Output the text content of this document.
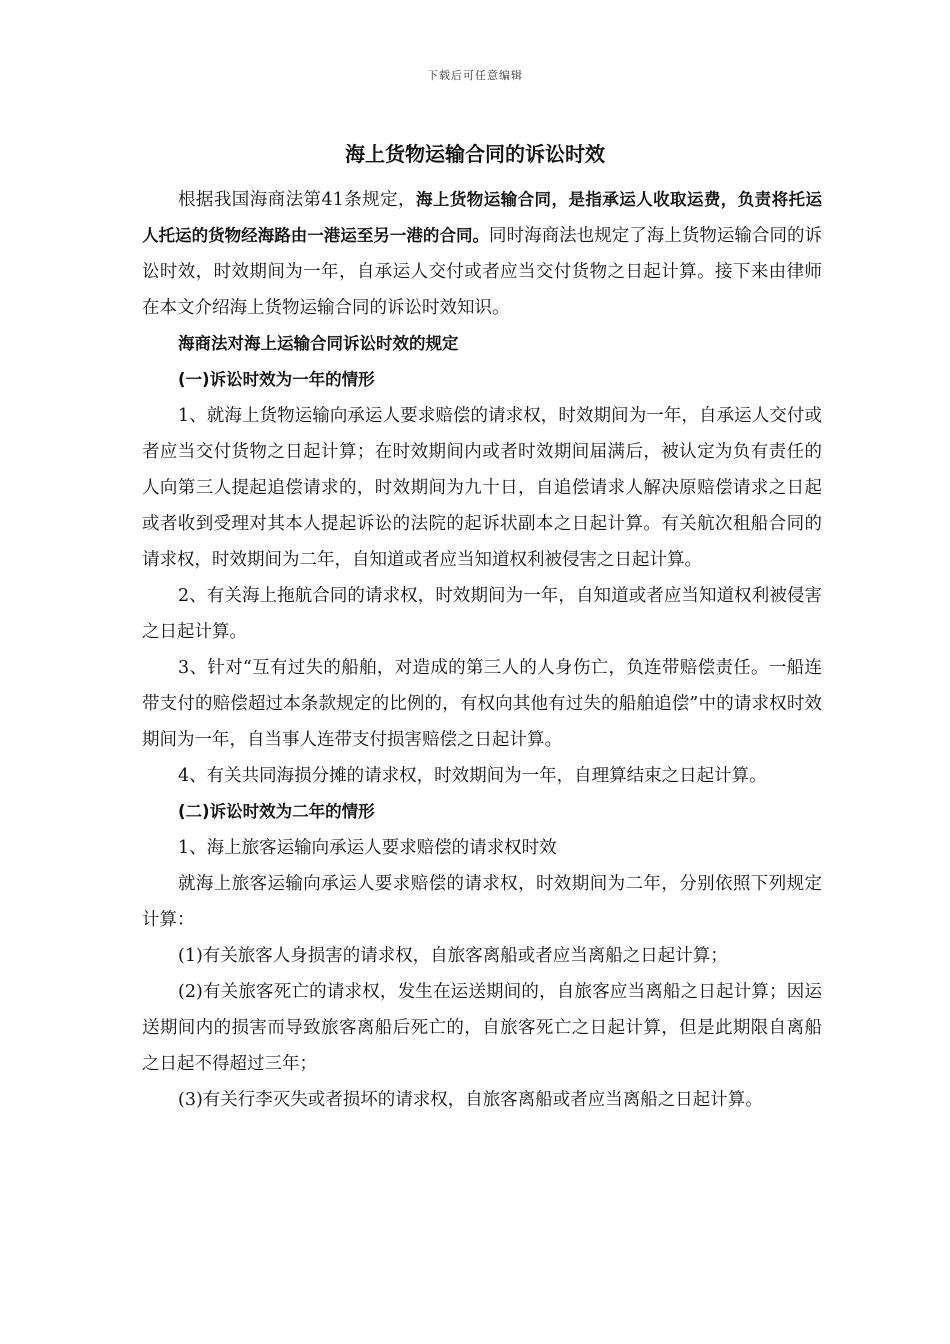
下载后可任意编辑
海上货物运输合同的诉讼时效

根据我国海商法第41条规定，海上货物运输合同，是指承运人收取运费，负责将托运人托运的货物经海路由一港运至另一港的合同。同时海商法也规定了海上货物运输合同的诉讼时效，时效期间为一年，自承运人交付或者应当交付货物之日起计算。接下来由律师在本文介绍海上货物运输合同的诉讼时效知识。

海商法对海上运输合同诉讼时效的规定

(一)诉讼时效为一年的情形

1、就海上货物运输向承运人要求赔偿的请求权，时效期间为一年，自承运人交付或者应当交付货物之日起计算；在时效期间内或者时效期间届满后，被认定为负有责任的人向第三人提起追偿请求的，时效期间为九十日，自追偿请求人解决原赔偿请求之日起或者收到受理对其本人提起诉讼的法院的起诉状副本之日起计算。有关航次租船合同的请求权，时效期间为二年，自知道或者应当知道权利被侵害之日起计算。

2、有关海上拖航合同的请求权，时效期间为一年，自知道或者应当知道权利被侵害之日起计算。

3、针对“互有过失的船舶，对造成的第三人的人身伤亡，负连带赔偿责任。一船连带支付的赔偿超过本条款规定的比例的，有权向其他有过失的船舶追偿”中的请求权时效期间为一年，自当事人连带支付损害赔偿之日起计算。

4、有关共同海损分摊的请求权，时效期间为一年，自理算结束之日起计算。

(二)诉讼时效为二年的情形

1、海上旅客运输向承运人要求赔偿的请求权时效

就海上旅客运输向承运人要求赔偿的请求权，时效期间为二年，分别依照下列规定计算：

(1)有关旅客人身损害的请求权，自旅客离船或者应当离船之日起计算；

(2)有关旅客死亡的请求权，发生在运送期间的，自旅客应当离船之日起计算；因运送期间内的损害而导致旅客离船后死亡的，自旅客死亡之日起计算，但是此期限自离船之日起不得超过三年；

(3)有关行李灭失或者损坏的请求权，自旅客离船或者应当离船之日起计算。
